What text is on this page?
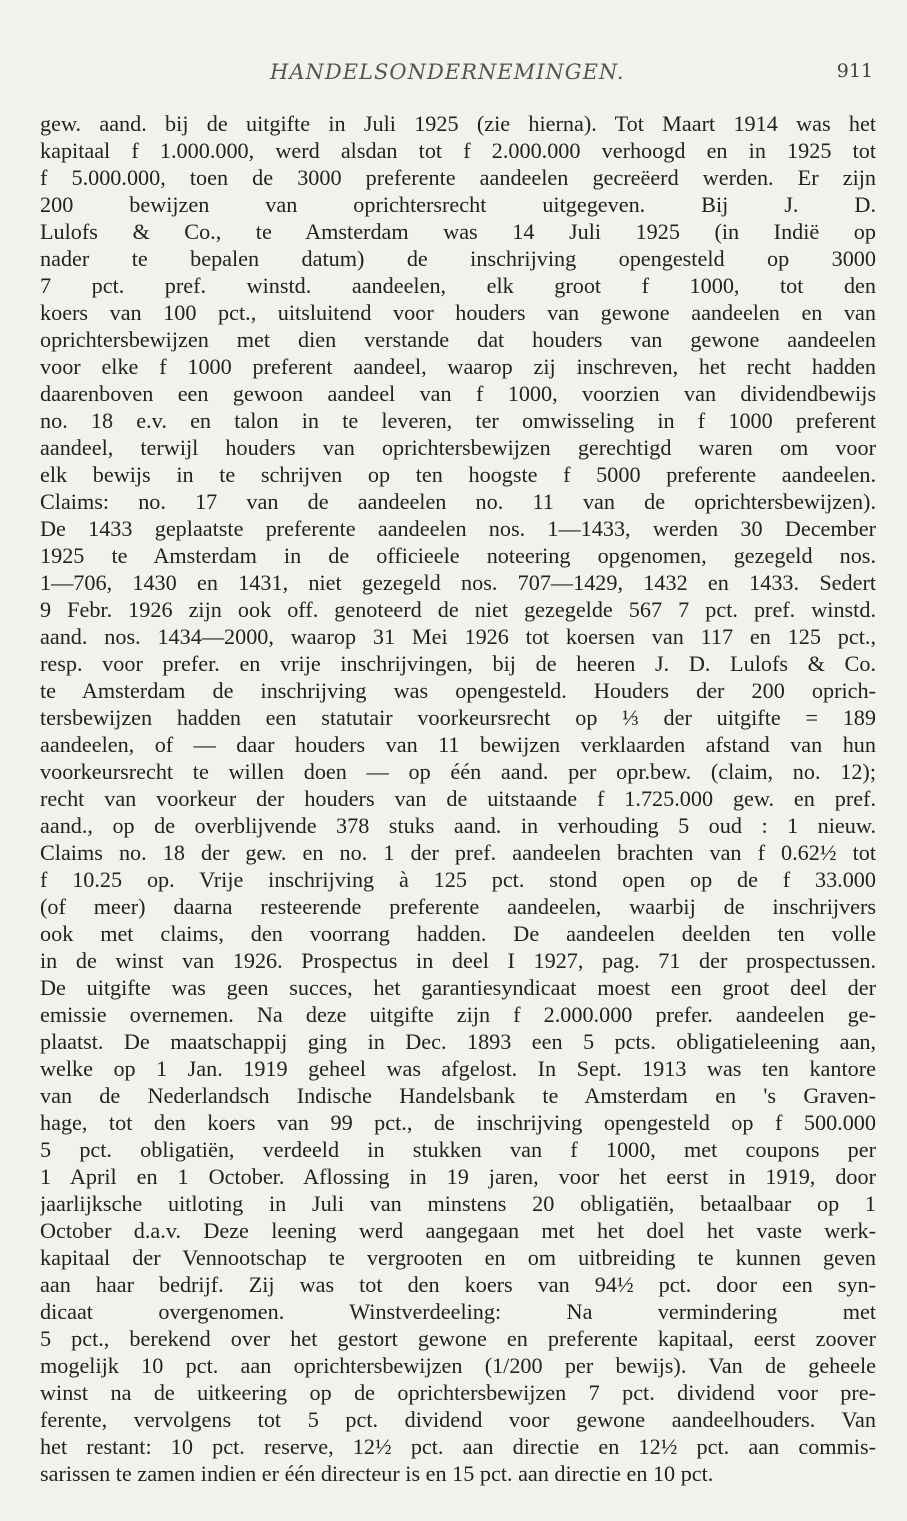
HANDELSONDERNEMINGEN.	911
gew. aand. bij de uitgifte in Juli 1925 (zie hierna). Tot Maart 1914 was het
kapitaal f 1.000.000, werd alsdan tot f 2.000.000 verhoogd en in 1925 tot
f 5.000.000, toen de 3000 preferente aandeelen gecreëerd werden. Er zijn
200 bewijzen van oprichtersrecht uitgegeven. Bij J. D.
Lulofs & Co., te Amsterdam was 14 Juli 1925 (in Indië op
nader te bepalen datum) de inschrijving opengesteld op 3000
7 pct. pref. winstd. aandeelen, elk groot f 1000, tot den
koers van 100 pct., uitsluitend voor houders van gewone aandeelen en van
oprichtersbewijzen met dien verstande dat houders van gewone aandeelen
voor elke f 1000 preferent aandeel, waarop zij inschreven, het recht hadden
daarenboven een gewoon aandeel van f 1000, voorzien van dividendbewijs
no. 18 e.v. en talon in te leveren, ter omwisseling in f 1000 preferent
aandeel, terwijl houders van oprichtersbewijzen gerechtigd waren om voor
elk bewijs in te schrijven op ten hoogste f 5000 preferente aandeelen.
Claims: no. 17 van de aandeelen no. 11 van de oprichtersbewijzen).
De 1433 geplaatste preferente aandeelen nos. 1—1433, werden 30 December
1925 te Amsterdam in de officieele noteering opgenomen, gezegeld nos.
1—706, 1430 en 1431, niet gezegeld nos. 707—1429, 1432 en 1433. Sedert
9 Febr. 1926 zijn ook off. genoteerd de niet gezegelde 567 7 pct. pref. winstd.
aand. nos. 1434—2000, waarop 31 Mei 1926 tot koersen van 117 en 125 pct.,
resp. voor prefer. en vrije inschrijvingen, bij de heeren J. D. Lulofs & Co.
te Amsterdam de inschrijving was opengesteld. Houders der 200 oprich-
tersbewijzen hadden een statutair voorkeursrecht op ⅓ der uitgifte = 189
aandeelen, of — daar houders van 11 bewijzen verklaarden afstand van hun
voorkeursrecht te willen doen — op één aand. per opr.bew. (claim, no. 12);
recht van voorkeur der houders van de uitstaande f 1.725.000 gew. en pref.
aand., op de overblijvende 378 stuks aand. in verhouding 5 oud : 1 nieuw.
Claims no. 18 der gew. en no. 1 der pref. aandeelen brachten van f 0.62½ tot
f 10.25 op. Vrije inschrijving à 125 pct. stond open op de f 33.000
(of meer) daarna resteerende preferente aandeelen, waarbij de inschrijvers
ook met claims, den voorrang hadden. De aandeelen deelden ten volle
in de winst van 1926. Prospectus in deel I 1927, pag. 71 der prospectussen.
De uitgifte was geen succes, het garantiesyndicaat moest een groot deel der
emissie overnemen. Na deze uitgifte zijn f 2.000.000 prefer. aandeelen ge-
plaatst. De maatschappij ging in Dec. 1893 een 5 pcts. obligatieleening aan,
welke op 1 Jan. 1919 geheel was afgelost. In Sept. 1913 was ten kantore
van de Nederlandsch Indische Handelsbank te Amsterdam en 's Graven-
hage, tot den koers van 99 pct., de inschrijving opengesteld op f 500.000
5 pct. obligatiën, verdeeld in stukken van f 1000, met coupons per
1 April en 1 October. Aflossing in 19 jaren, voor het eerst in 1919, door
jaarlijksche uitloting in Juli van minstens 20 obligatiën, betaalbaar op 1
October d.a.v. Deze leening werd aangegaan met het doel het vaste werk-
kapitaal der Vennootschap te vergrooten en om uitbreiding te kunnen geven
aan haar bedrijf. Zij was tot den koers van 94½ pct. door een syn-
dicaat overgenomen. Winstverdeeling: Na vermindering met
5 pct., berekend over het gestort gewone en preferente kapitaal, eerst zoover
mogelijk 10 pct. aan oprichtersbewijzen (1/200 per bewijs). Van de geheele
winst na de uitkeering op de oprichtersbewijzen 7 pct. dividend voor pre-
ferente, vervolgens tot 5 pct. dividend voor gewone aandeelhouders. Van
het restant: 10 pct. reserve, 12½ pct. aan directie en 12½ pct. aan commis-
sarissen te zamen indien er één directeur is en 15 pct. aan directie en 10 pct.
